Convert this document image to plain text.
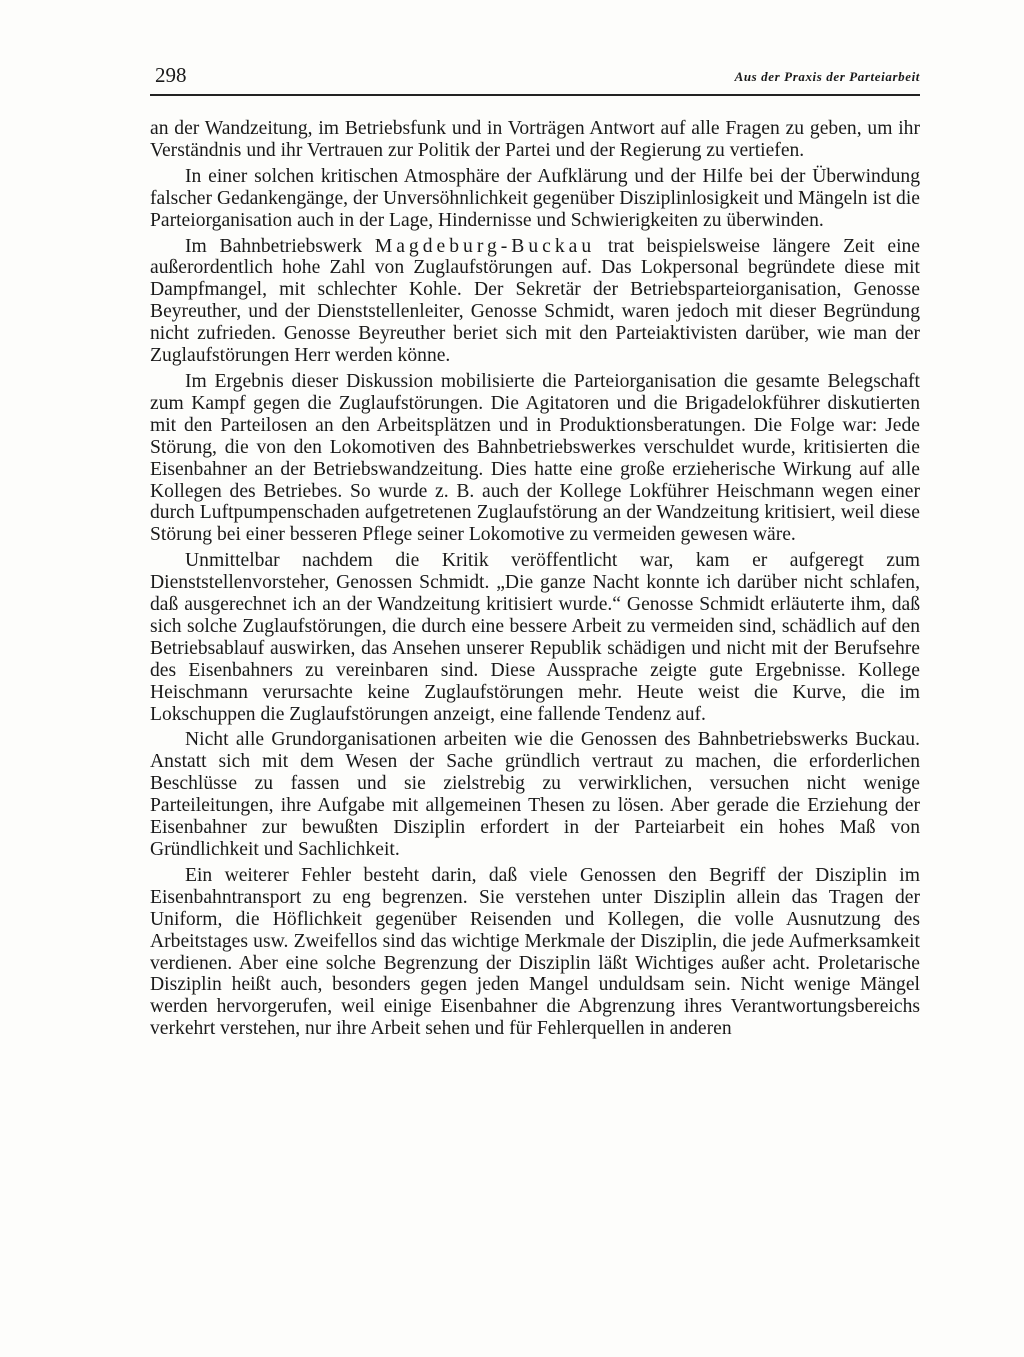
298	Aus der Praxis der Parteiarbeit

an der Wandzeitung, im Betriebsfunk und in Vorträgen Antwort auf alle Fragen zu geben, um ihr Verständnis und ihr Vertrauen zur Politik der Partei und der Regierung zu vertiefen.

In einer solchen kritischen Atmosphäre der Aufklärung und der Hilfe bei der Überwindung falscher Gedankengänge, der Unversöhnlichkeit gegenüber Disziplinlosigkeit und Mängeln ist die Parteiorganisation auch in der Lage, Hindernisse und Schwierigkeiten zu überwinden.

Im Bahnbetriebswerk Magdeburg-Buckau trat beispielsweise längere Zeit eine außerordentlich hohe Zahl von Zuglaufstörungen auf. Das Lokpersonal begründete diese mit Dampfmangel, mit schlechter Kohle. Der Sekretär der Betriebsparteiorganisation, Genosse Beyreuther, und der Dienststellenleiter, Genosse Schmidt, waren jedoch mit dieser Begründung nicht zufrieden. Genosse Beyreuther beriet sich mit den Parteiaktivisten darüber, wie man der Zuglaufstörungen Herr werden könne.

Im Ergebnis dieser Diskussion mobilisierte die Parteiorganisation die gesamte Belegschaft zum Kampf gegen die Zuglaufstörungen. Die Agitatoren und die Brigadelokführer diskutierten mit den Parteilosen an den Arbeitsplätzen und in Produktionsberatungen. Die Folge war: Jede Störung, die von den Lokomotiven des Bahnbetriebswerkes verschuldet wurde, kritisierten die Eisenbahner an der Betriebswandzeitung. Dies hatte eine große erzieherische Wirkung auf alle Kollegen des Betriebes. So wurde z. B. auch der Kollege Lokführer Heischmann wegen einer durch Luftpumpenschaden aufgetretenen Zuglaufstörung an der Wandzeitung kritisiert, weil diese Störung bei einer besseren Pflege seiner Lokomotive zu vermeiden gewesen wäre.

Unmittelbar nachdem die Kritik veröffentlicht war, kam er aufgeregt zum Dienststellenvorsteher, Genossen Schmidt. „Die ganze Nacht konnte ich darüber nicht schlafen, daß ausgerechnet ich an der Wandzeitung kritisiert wurde.“ Genosse Schmidt erläuterte ihm, daß sich solche Zuglaufstörungen, die durch eine bessere Arbeit zu vermeiden sind, schädlich auf den Betriebsablauf auswirken, das Ansehen unserer Republik schädigen und nicht mit der Berufsehre des Eisenbahners zu vereinbaren sind. Diese Aussprache zeigte gute Ergebnisse. Kollege Heischmann verursachte keine Zuglaufstörungen mehr. Heute weist die Kurve, die im Lokschuppen die Zuglaufstörungen anzeigt, eine fallende Tendenz auf.

Nicht alle Grundorganisationen arbeiten wie die Genossen des Bahnbetriebswerks Buckau. Anstatt sich mit dem Wesen der Sache gründlich vertraut zu machen, die erforderlichen Beschlüsse zu fassen und sie zielstrebig zu verwirklichen, versuchen nicht wenige Parteileitungen, ihre Aufgabe mit allgemeinen Thesen zu lösen. Aber gerade die Erziehung der Eisenbahner zur bewußten Disziplin erfordert in der Parteiarbeit ein hohes Maß von Gründlichkeit und Sachlichkeit.

Ein weiterer Fehler besteht darin, daß viele Genossen den Begriff der Disziplin im Eisenbahntransport zu eng begrenzen. Sie verstehen unter Disziplin allein das Tragen der Uniform, die Höflichkeit gegenüber Reisenden und Kollegen, die volle Ausnutzung des Arbeitstages usw. Zweifellos sind das wichtige Merkmale der Disziplin, die jede Aufmerksamkeit verdienen. Aber eine solche Begrenzung der Disziplin läßt Wichtiges außer acht. Proletarische Disziplin heißt auch, besonders gegen jeden Mangel unduldsam sein. Nicht wenige Mängel werden hervorgerufen, weil einige Eisenbahner die Abgrenzung ihres Verantwortungsbereichs verkehrt verstehen, nur ihre Arbeit sehen und für Fehlerquellen in anderen
